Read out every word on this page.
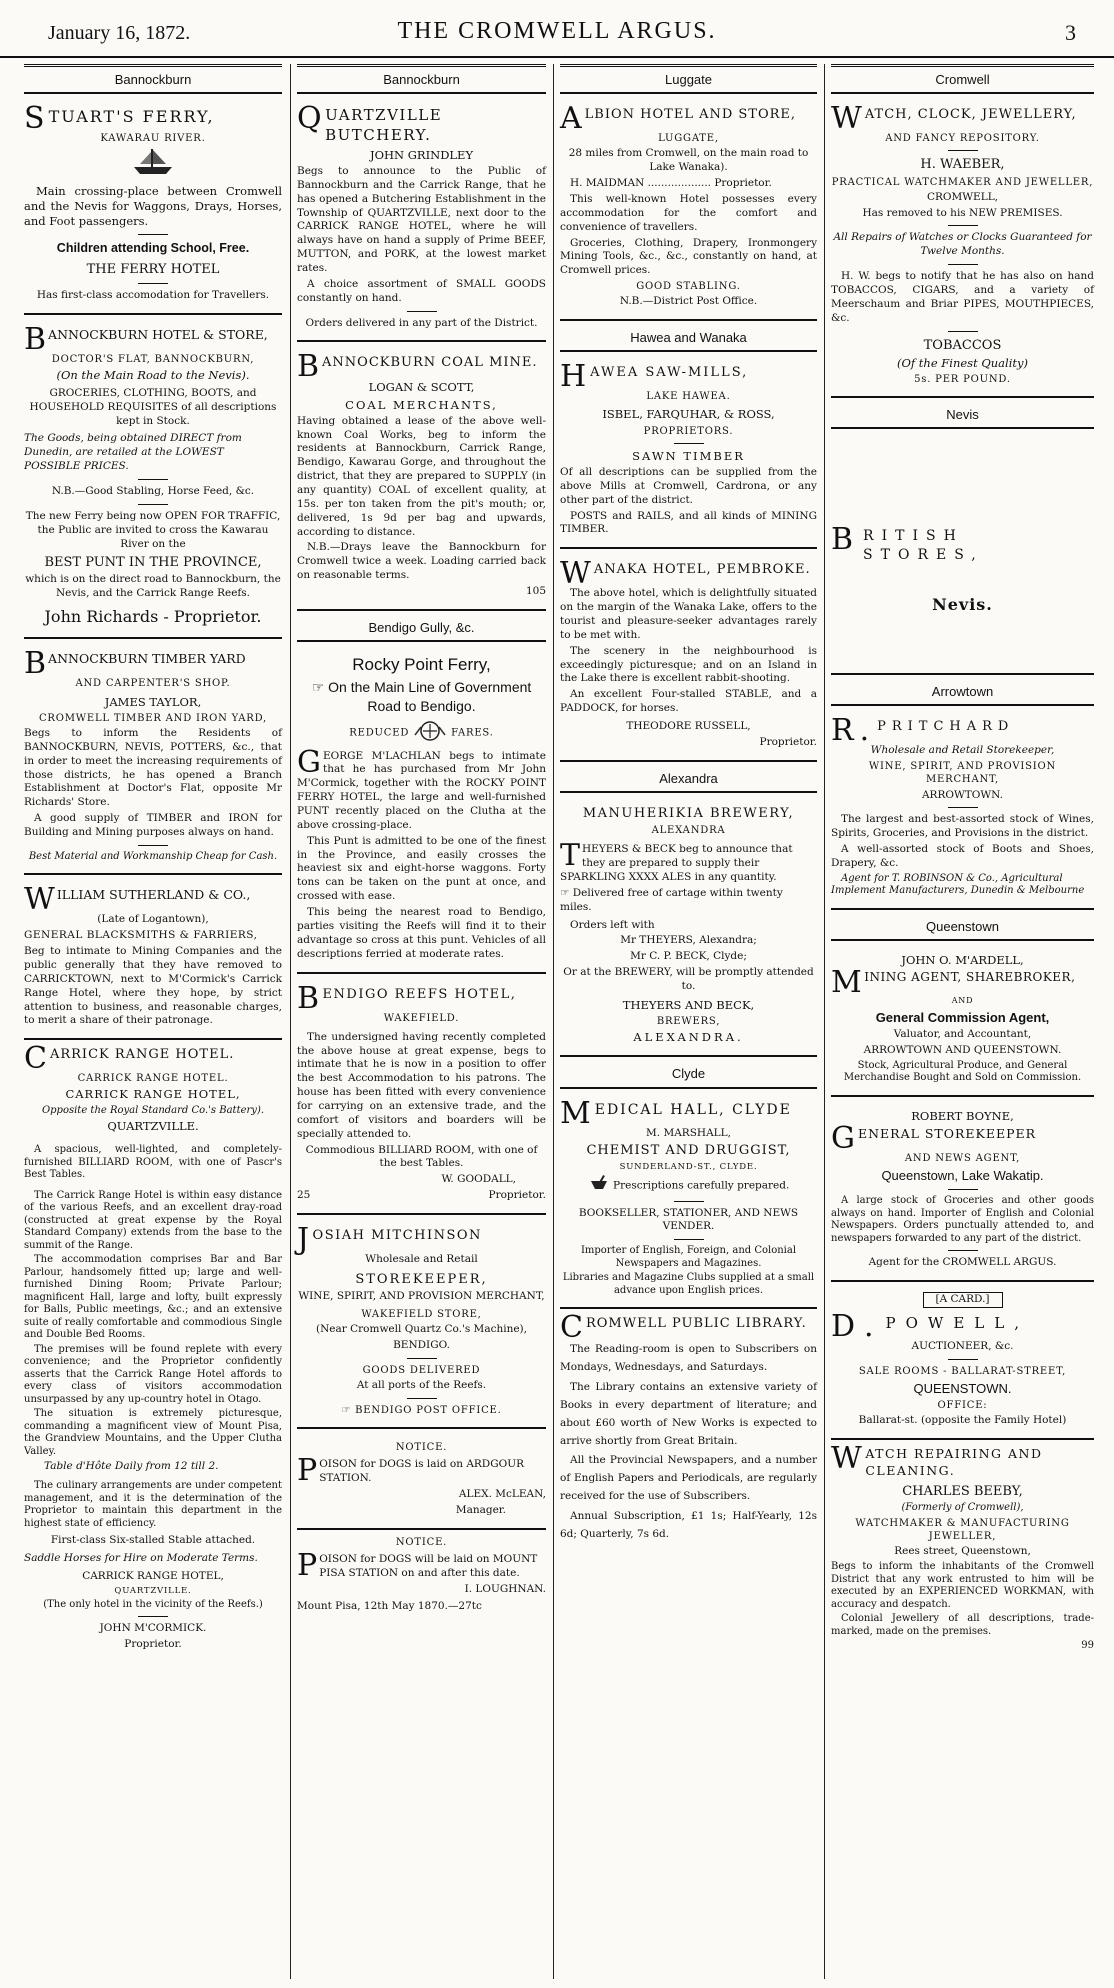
January 16, 1872.	THE CROMWELL ARGUS.	3
Bannockburn

STUART'S FERRY,

KAWARAU RIVER.

Main crossing-place between Cromwell and the Nevis for Waggons, Drays, Horses, and Foot passengers.

Children attending School, Free.

THE FERRY HOTEL

Has first-class accomodation for Travellers.

BANNOCKBURN HOTEL & STORE,

DOCTOR'S FLAT, BANNOCKBURN,

(On the Main Road to the Nevis).

GROCERIES, CLOTHING, BOOTS, and HOUSEHOLD REQUISITES of all descriptions kept in Stock.

The Goods, being obtained DIRECT from Dunedin, are retailed at the LOWEST POSSIBLE PRICES.

N.B.—Good Stabling, Horse Feed, &c.

The new Ferry being now OPEN FOR TRAFFIC, the Public are invited to cross the Kawarau River on the

BEST PUNT IN THE PROVINCE,

which is on the direct road to Bannockburn, the Nevis, and the Carrick Range Reefs.

John Richards - Proprietor.

BANNOCKBURN TIMBER YARD

AND CARPENTER'S SHOP.

JAMES TAYLOR,

CROMWELL TIMBER AND IRON YARD,

Begs to inform the Residents of BANNOCKBURN, NEVIS, POTTERS, &c., that in order to meet the increasing requirements of those districts, he has opened a Branch Establishment at Doctor's Flat, opposite Mr Richards' Store.

A good supply of TIMBER and IRON for Building and Mining purposes always on hand.

Best Material and Workmanship Cheap for Cash.

WILLIAM SUTHERLAND & CO.,

(Late of Logantown),

GENERAL BLACKSMITHS & FARRIERS,

Beg to intimate to Mining Companies and the public generally that they have removed to CARRICKTOWN, next to M'Cormick's Carrick Range Hotel, where they hope, by strict attention to business, and reasonable charges, to merit a share of their patronage.

CARRICK RANGE HOTEL.

CARRICK RANGE HOTEL.

CARRICK RANGE HOTEL,

Opposite the Royal Standard Co.'s Battery).

QUARTZVILLE.

A spacious, well-lighted, and completely-furnished BILLIARD ROOM, with one of Pascr's Best Tables.

The Carrick Range Hotel is within easy distance of the various Reefs, and an excellent dray-road (constructed at great expense by the Royal Standard Company) extends from the base to the summit of the Range.

The accommodation comprises Bar and Bar Parlour, handsomely fitted up; large and well-furnished Dining Room; Private Parlour; magnificent Hall, large and lofty, built expressly for Balls, Public meetings, &c.; and an extensive suite of really comfortable and commodious Single and Double Bed Rooms.

The premises will be found replete with every convenience; and the Proprietor confidently asserts that the Carrick Range Hotel affords to every class of visitors accommodation unsurpassed by any up-country hotel in Otago.

The situation is extremely picturesque, commanding a magnificent view of Mount Pisa, the Grandview Mountains, and the Upper Clutha Valley.

Table d'Hôte Daily from 12 till 2.

The culinary arrangements are under competent management, and it is the determination of the Proprietor to maintain this department in the highest state of efficiency.

First-class Six-stalled Stable attached.

Saddle Horses for Hire on Moderate Terms.

CARRICK RANGE HOTEL,

QUARTZVILLE.

(The only hotel in the vicinity of the Reefs.)

JOHN M'CORMICK.

Proprietor.

Bannockburn

QUARTZVILLE BUTCHERY.

JOHN GRINDLEY

Begs to announce to the Public of Bannockburn and the Carrick Range, that he has opened a Butchering Establishment in the Township of QUARTZVILLE, next door to the CARRICK RANGE HOTEL, where he will always have on hand a supply of Prime BEEF, MUTTON, and PORK, at the lowest market rates.

A choice assortment of SMALL GOODS constantly on hand.

Orders delivered in any part of the District.

BANNOCKBURN COAL MINE.

LOGAN & SCOTT,

COAL MERCHANTS,

Having obtained a lease of the above well-known Coal Works, beg to inform the residents at Bannockburn, Carrick Range, Bendigo, Kawarau Gorge, and throughout the district, that they are prepared to SUPPLY (in any quantity) COAL of excellent quality, at 15s. per ton taken from the pit's mouth; or, delivered, 1s 9d per bag and upwards, according to distance.

N.B.—Drays leave the Bannockburn for Cromwell twice a week. Loading carried back on reasonable terms.

105

Bendigo Gully, &c.

Rocky Point Ferry,

☞ On the Main Line of Government Road to Bendigo.

REDUCED	FARES.

GEORGE M'LACHLAN begs to intimate that he has purchased from Mr John M'Cormick, together with the ROCKY POINT FERRY HOTEL, the large and well-furnished PUNT recently placed on the Clutha at the above crossing-place.

This Punt is admitted to be one of the finest in the Province, and easily crosses the heaviest six and eight-horse waggons. Forty tons can be taken on the punt at once, and crossed with ease.

This being the nearest road to Bendigo, parties visiting the Reefs will find it to their advantage so cross at this punt. Vehicles of all descriptions ferried at moderate rates.

BENDIGO REEFS HOTEL,

WAKEFIELD.

The undersigned having recently completed the above house at great expense, begs to intimate that he is now in a position to offer the best Accommodation to his patrons. The house has been fitted with every convenience for carrying on an extensive trade, and the comfort of visitors and boarders will be specially attended to.

Commodious BILLIARD ROOM, with one of the best Tables.

W. GOODALL,

25	Proprietor.

JOSIAH MITCHINSON

Wholesale and Retail

STOREKEEPER,

WINE, SPIRIT, AND PROVISION MERCHANT,

WAKEFIELD STORE,

(Near Cromwell Quartz Co.'s Machine),

BENDIGO.

GOODS DELIVERED

At all ports of the Reefs.

☞ BENDIGO POST OFFICE.

NOTICE.

POISON for DOGS is laid on ARDGOUR STATION.

ALEX. McLEAN,

Manager.

NOTICE.

POISON for DOGS will be laid on MOUNT PISA STATION on and after this date.

I. LOUGHNAN.

Mount Pisa, 12th May 1870.—27tc

Luggate

ALBION HOTEL AND STORE,

LUGGATE,

28 miles from Cromwell, on the main road to Lake Wanaka).

H. MAIDMAN ................... Proprietor.

This well-known Hotel possesses every accommodation for the comfort and convenience of travellers.

Groceries, Clothing, Drapery, Ironmongery Mining Tools, &c., &c., constantly on hand, at Cromwell prices.

GOOD STABLING.

N.B.—District Post Office.

Hawea and Wanaka

HAWEA SAW-MILLS,

LAKE HAWEA.

ISBEL, FARQUHAR, & ROSS,

PROPRIETORS.

SAWN TIMBER

Of all descriptions can be supplied from the above Mills at Cromwell, Cardrona, or any other part of the district.

POSTS and RAILS, and all kinds of MINING TIMBER.

WANAKA HOTEL, PEMBROKE.

The above hotel, which is delightfully situated on the margin of the Wanaka Lake, offers to the tourist and pleasure-seeker advantages rarely to be met with.

The scenery in the neighbourhood is exceedingly picturesque; and on an Island in the Lake there is excellent rabbit-shooting.

An excellent Four-stalled STABLE, and a PADDOCK, for horses.

THEODORE RUSSELL,

Proprietor.

Alexandra

MANUHERIKIA BREWERY,

ALEXANDRA

THEYERS & BECK beg to announce that they are prepared to supply their SPARKLING XXXX ALES in any quantity.

☞ Delivered free of cartage within twenty miles.

Orders left with

Mr THEYERS, Alexandra;

Mr C. P. BECK, Clyde;

Or at the BREWERY, will be promptly attended to.

THEYERS AND BECK,

BREWERS,

ALEXANDRA.

Clyde

MEDICAL HALL, CLYDE

M. MARSHALL,

CHEMIST AND DRUGGIST,

SUNDERLAND-ST., CLYDE.

Prescriptions carefully prepared.

BOOKSELLER, STATIONER, AND NEWS VENDER.

Importer of English, Foreign, and Colonial Newspapers and Magazines.

Libraries and Magazine Clubs supplied at a small advance upon English prices.

CROMWELL PUBLIC LIBRARY.

The Reading-room is open to Subscribers on Mondays, Wednesdays, and Saturdays.

The Library contains an extensive variety of Books in every department of literature; and about £60 worth of New Works is expected to arrive shortly from Great Britain.

All the Provincial Newspapers, and a number of English Papers and Periodicals, are regularly received for the use of Subscribers.

Annual Subscription, £1 1s; Half-Yearly, 12s 6d; Quarterly, 7s 6d.

Cromwell

WATCH, CLOCK, JEWELLERY,

AND FANCY REPOSITORY.

H. WAEBER,

PRACTICAL WATCHMAKER AND JEWELLER,

CROMWELL,

Has removed to his NEW PREMISES.

All Repairs of Watches or Clocks Guaranteed for Twelve Months.

H. W. begs to notify that he has also on hand TOBACCOS, CIGARS, and a variety of Meerschaum and Briar PIPES, MOUTHPIECES, &c.

TOBACCOS

(Of the Finest Quality)

5s. PER POUND.

Nevis

BRITISH STORES,

Nevis.

Arrowtown

R.PRITCHARD

Wholesale and Retail Storekeeper,

WINE, SPIRIT, AND PROVISION MERCHANT,

ARROWTOWN.

The largest and best-assorted stock of Wines, Spirits, Groceries, and Provisions in the district.

A well-assorted stock of Boots and Shoes, Drapery, &c.

Agent for T. ROBINSON & Co., Agricultural Implement Manufacturers, Dunedin & Melbourne

Queenstown

JOHN O. M'ARDELL,

MINING AGENT, SHAREBROKER,

AND

General Commission Agent,

Valuator, and Accountant,

ARROWTOWN AND QUEENSTOWN.

Stock, Agricultural Produce, and General Merchandise Bought and Sold on Commission.

ROBERT BOYNE,

GENERAL STOREKEEPER

AND NEWS AGENT,

Queenstown, Lake Wakatip.

A large stock of Groceries and other goods always on hand. Importer of English and Colonial Newspapers. Orders punctually attended to, and newspapers forwarded to any part of the district.

Agent for the CROMWELL ARGUS.

[A CARD.]

D.POWELL,

AUCTIONEER, &c.

SALE ROOMS - BALLARAT-STREET,

QUEENSTOWN.

OFFICE:

Ballarat-st. (opposite the Family Hotel)

WATCH REPAIRING AND CLEANING.

CHARLES BEEBY,

(Formerly of Cromwell),

WATCHMAKER & MANUFACTURING JEWELLER,

Rees street, Queenstown,

Begs to inform the inhabitants of the Cromwell District that any work entrusted to him will be executed by an EXPERIENCED WORKMAN, with accuracy and despatch.

Colonial Jewellery of all descriptions, trade-marked, made on the premises.

99
